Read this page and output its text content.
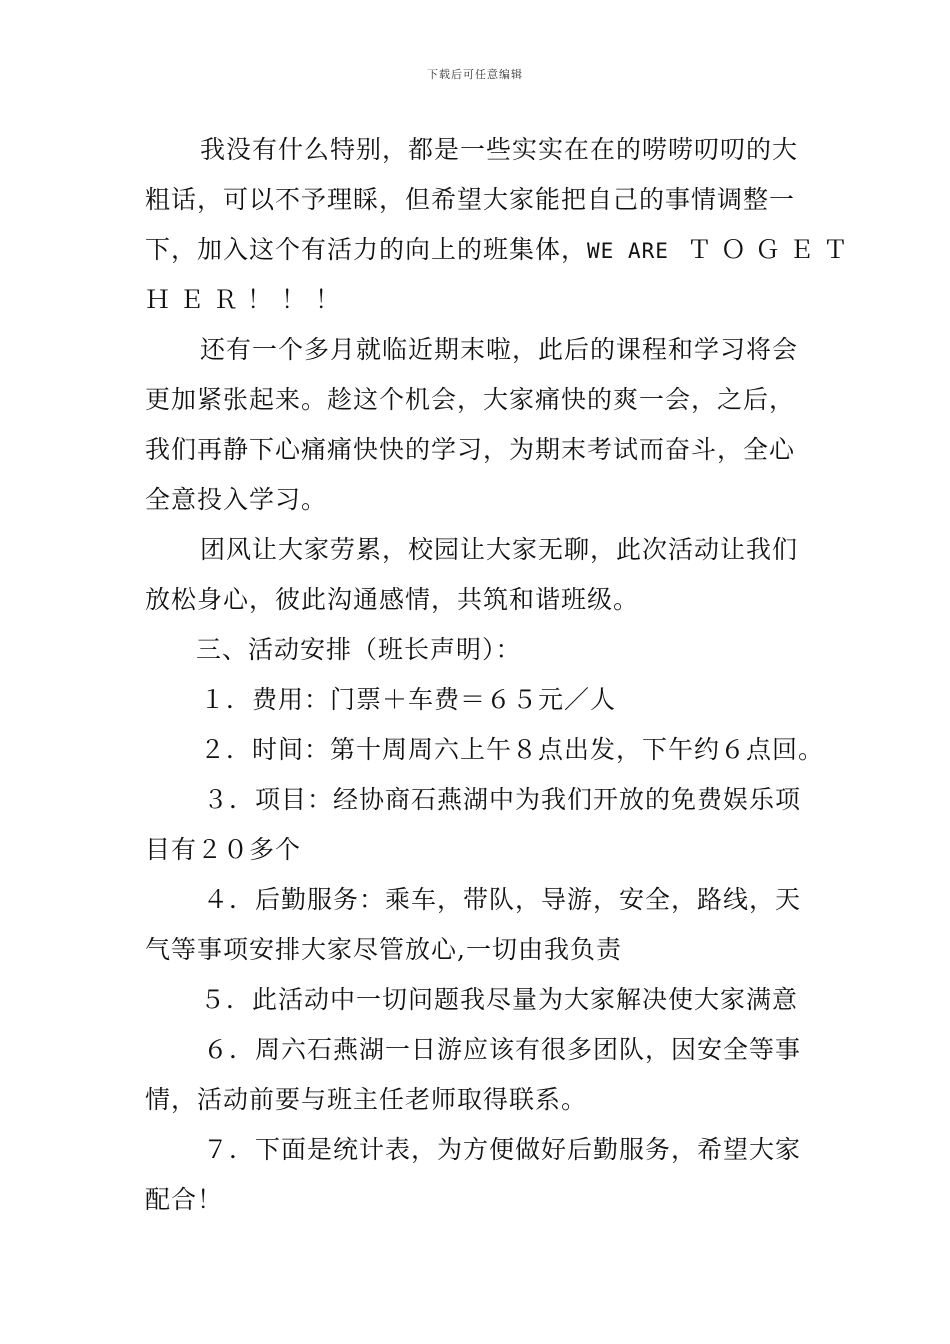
下载后可任意编辑
我没有什么特别，都是一些实实在在的唠唠叨叨的大
粗话，可以不予理睬，但希望大家能把自己的事情调整一
下，加入这个有活力的向上的班集体，WE ARE ＴＯＧＥＴ
ＨＥＲ！！！
还有一个多月就临近期末啦，此后的课程和学习将会
更加紧张起来。趁这个机会，大家痛快的爽一会，之后，
我们再静下心痛痛快快的学习，为期末考试而奋斗，全心
全意投入学习。
团风让大家劳累，校园让大家无聊，此次活动让我们
放松身心，彼此沟通感情，共筑和谐班级。
三、活动安排（班长声明）：
１．费用：门票＋车费＝６５元／人
２．时间：第十周周六上午８点出发，下午约６点回。
３．项目：经协商石燕湖中为我们开放的免费娱乐项
目有２０多个
４．后勤服务：乘车，带队，导游，安全，路线，天
气等事项安排大家尽管放心,一切由我负责
５．此活动中一切问题我尽量为大家解决使大家满意
６．周六石燕湖一日游应该有很多团队，因安全等事
情，活动前要与班主任老师取得联系。
７．下面是统计表，为方便做好后勤服务，希望大家
配合！
